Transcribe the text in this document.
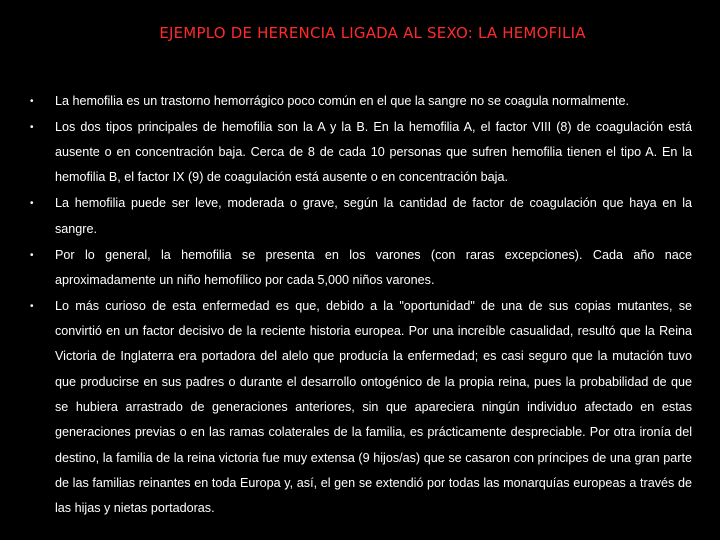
EJEMPLO DE HERENCIA LIGADA AL SEXO: LA HEMOFILIA
• La hemofilia es un trastorno hemorrágico poco común en el que la sangre no se coagula normalmente.
• Los dos tipos principales de hemofilia son la A y la B. En la hemofilia A, el factor VIII (8) de coagulación está ausente o en concentración baja. Cerca de 8 de cada 10 personas que sufren hemofilia tienen el tipo A. En la hemofilia B, el factor IX (9) de coagulación está ausente o en concentración baja.
• La hemofilia puede ser leve, moderada o grave, según la cantidad de factor de coagulación que haya en la sangre.
• Por lo general, la hemofilia se presenta en los varones (con raras excepciones). Cada año nace aproximadamente un niño hemofílico por cada 5,000 niños varones.
• Lo más curioso de esta enfermedad es que, debido a la "oportunidad" de una de sus copias mutantes, se convirtió en un factor decisivo de la reciente historia europea. Por una increíble casualidad, resultó que la Reina Victoria de Inglaterra era portadora del alelo que producía la enfermedad; es casi seguro que la mutación tuvo que producirse en sus padres o durante el desarrollo ontogénico de la propia reina, pues la probabilidad de que se hubiera arrastrado de generaciones anteriores, sin que apareciera ningún individuo afectado en estas generaciones previas o en las ramas colaterales de la familia, es prácticamente despreciable. Por otra ironía del destino, la familia de la reina victoria fue muy extensa (9 hijos/as) que se casaron con príncipes de una gran parte de las familias reinantes en toda Europa y, así, el gen se extendió por todas las monarquías europeas a través de las hijas y nietas portadoras.
